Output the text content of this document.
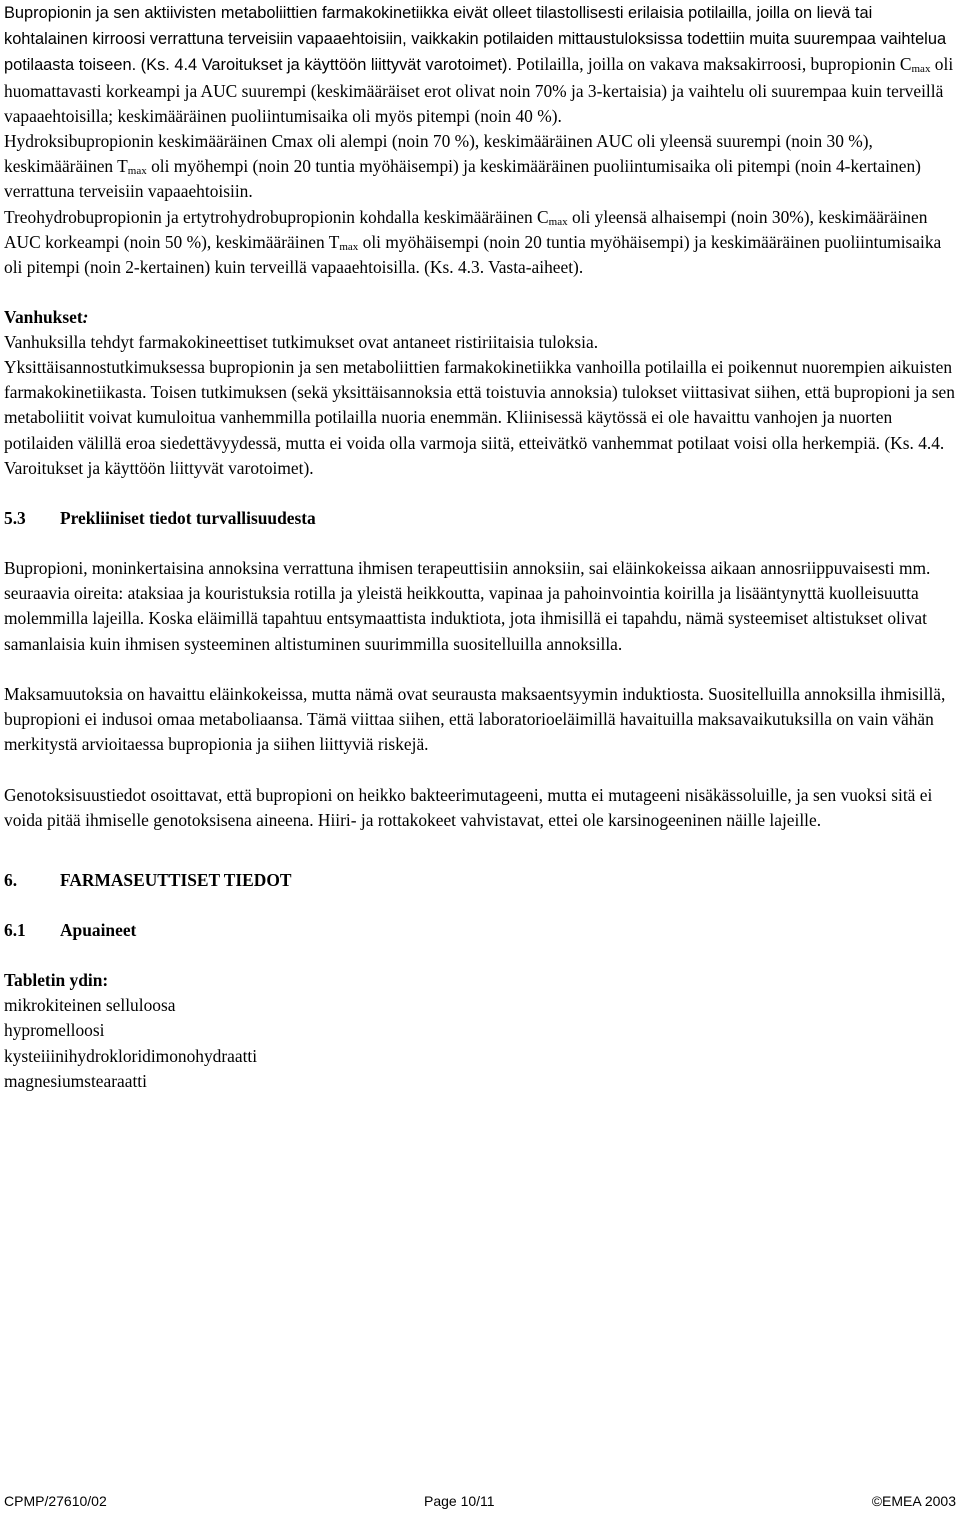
Bupropionin ja sen aktiivisten metaboliittien farmakokinetiikka eivät olleet tilastollisesti erilaisia potilailla, joilla on lievä tai kohtalainen kirroosi verrattuna terveisiin vapaaehtoisiin, vaikkakin potilaiden mittaustuloksissa todettiin muita suurempaa vaihtelua potilaasta toiseen. (Ks. 4.4 Varoitukset ja käyttöön liittyvät varotoimet). Potilailla, joilla on vakava maksakirroosi, bupropionin $C_{max}$ oli huomattavasti korkeampi ja AUC suurempi (keskimääräiset erot olivat noin 70% ja 3-kertaisia) ja vaihtelu oli suurempaa kuin terveillä vapaaehtoisilla; keskimääräinen puoliintumisaika oli myös pitempi (noin 40 %).
Hydroksibupropionin keskimääräinen Cmax oli alempi (noin 70 %), keskimääräinen AUC oli yleensä suurempi (noin 30 %), keskimääräinen $T_{max}$ oli myöhempi (noin 20 tuntia myöhäisempi) ja keskimääräinen puoliintumisaika oli pitempi (noin 4-kertainen) verrattuna terveisiin vapaaehtoisiin.
Treohydrobupropionin ja ertytrohydrobupropionin kohdalla keskimääräinen $C_{max}$ oli yleensä alhaisempi (noin 30%), keskimääräinen AUC korkeampi (noin 50 %), keskimääräinen $T_{max}$ oli myöhäisempi (noin 20 tuntia myöhäisempi) ja keskimääräinen puoliintumisaika oli pitempi (noin 2-kertainen) kuin terveillä vapaaehtoisilla. (Ks. 4.3. Vasta-aiheet).
Vanhukset:

Vanhuksilla tehdyt farmakokineettiset tutkimukset ovat antaneet ristiriitaisia tuloksia.

Yksittäisannostutkimuksessa bupropionin ja sen metaboliittien farmakokinetiikka vanhoilla potilailla ei poikennut nuorempien aikuisten farmakokinetiikasta. Toisen tutkimuksen (sekä yksittäisannoksia että toistuvia annoksia) tulokset viittasivat siihen, että bupropioni ja sen metaboliitit voivat kumuloitua vanhemmilla potilailla nuoria enemmän. Kliinisessä käytössä ei ole havaittu vanhojen ja nuorten potilaiden välillä eroa siedettävyydessä, mutta ei voida olla varmoja siitä, etteivätkö vanhemmat potilaat voisi olla herkempiä. (Ks. 4.4. Varoitukset ja käyttöön liittyvät varotoimet).

5.3 Prekliiniset tiedot turvallisuudesta

Bupropioni, moninkertaisina annoksina verrattuna ihmisen terapeuttisiin annoksiin, sai eläinkokeissa aikaan annosriippuvaisesti mm. seuraavia oireita: ataksiaa ja kouristuksia rotilla ja yleistä heikkoutta, vapinaa ja pahoinvointia koirilla ja lisääntynyttä kuolleisuutta molemmilla lajeilla. Koska eläimillä tapahtuu entsymaattista induktiota, jota ihmisillä ei tapahdu, nämä systeemiset altistukset olivat samanlaisia kuin ihmisen systeeminen altistuminen suurimmilla suositelluilla annoksilla.

Maksamuutoksia on havaittu eläinkokeissa, mutta nämä ovat seurausta maksaentsyymin induktiosta. Suositelluilla annoksilla ihmisillä, bupropioni ei indusoi omaa metaboliaansa. Tämä viittaa siihen, että laboratorioeläimillä havaituilla maksavaikutuksilla on vain vähän merkitystä arvioitaessa bupropionia ja siihen liittyviä riskejä.

Genotoksisuustiedot osoittavat, että bupropioni on heikko bakteerimutageeni, mutta ei mutageeni nisäkässoluille, ja sen vuoksi sitä ei voida pitää ihmiselle genotoksisena aineena. Hiiri- ja rottakokeet vahvistavat, ettei ole karsinogeeninen näille lajeille.

6. FARMASEUTTISET TIEDOT
6.1 Apuaineet
Tabletin ydin:
mikrokiteinen selluloosa
hypromelloosi
kysteiiinihydrokloridimonohydraatti
magnesiumstearaatti
CPMP/27610/02	Page 10/11	©EMEA 2003
